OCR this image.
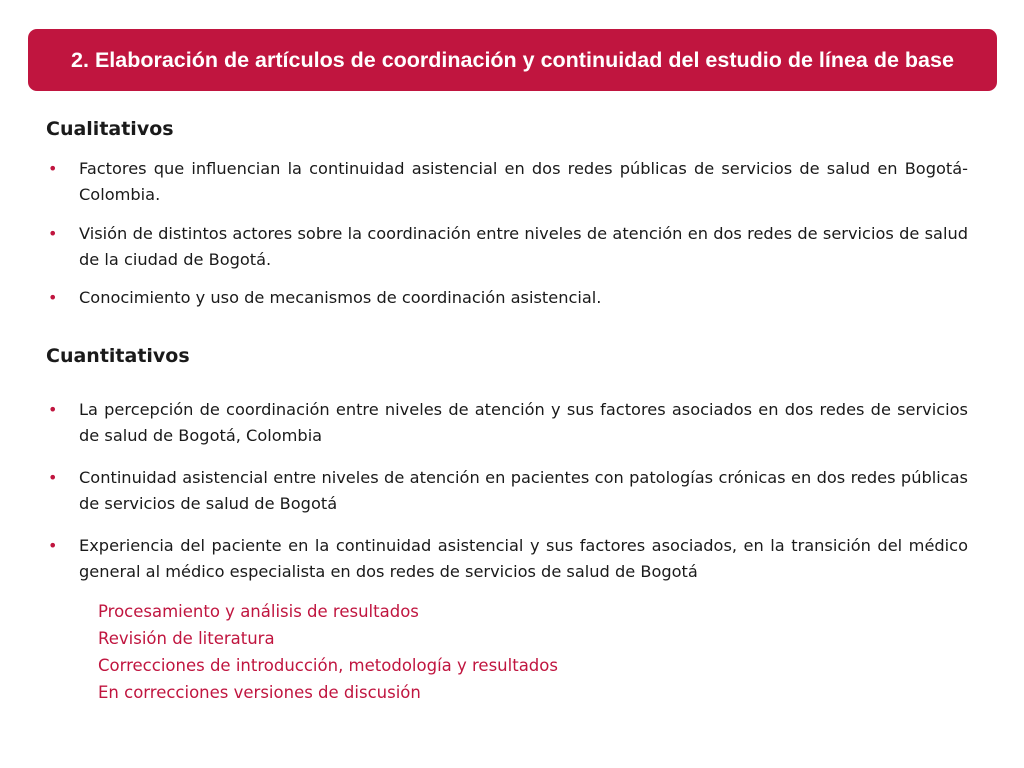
2. Elaboración de artículos de coordinación y continuidad del estudio de línea de base
Cualitativos
• Factores que influencian la continuidad asistencial en dos redes públicas de servicios de salud en Bogotá-Colombia.
• Visión de distintos actores sobre la coordinación entre niveles de atención en dos redes de servicios de salud de la ciudad de Bogotá.
• Conocimiento y uso de mecanismos de coordinación asistencial.
Cuantitativos
• La percepción de coordinación entre niveles de atención y sus factores asociados en dos redes de servicios de salud de Bogotá, Colombia
• Continuidad asistencial entre niveles de atención en pacientes con patologías crónicas en dos redes públicas de servicios de salud de Bogotá
• Experiencia del paciente en la continuidad asistencial y sus factores asociados, en la transición del médico general al médico especialista en dos redes de servicios de salud de Bogotá
Procesamiento y análisis de resultados
Revisión de literatura
Correcciones de introducción, metodología y resultados
En correcciones versiones de discusión
